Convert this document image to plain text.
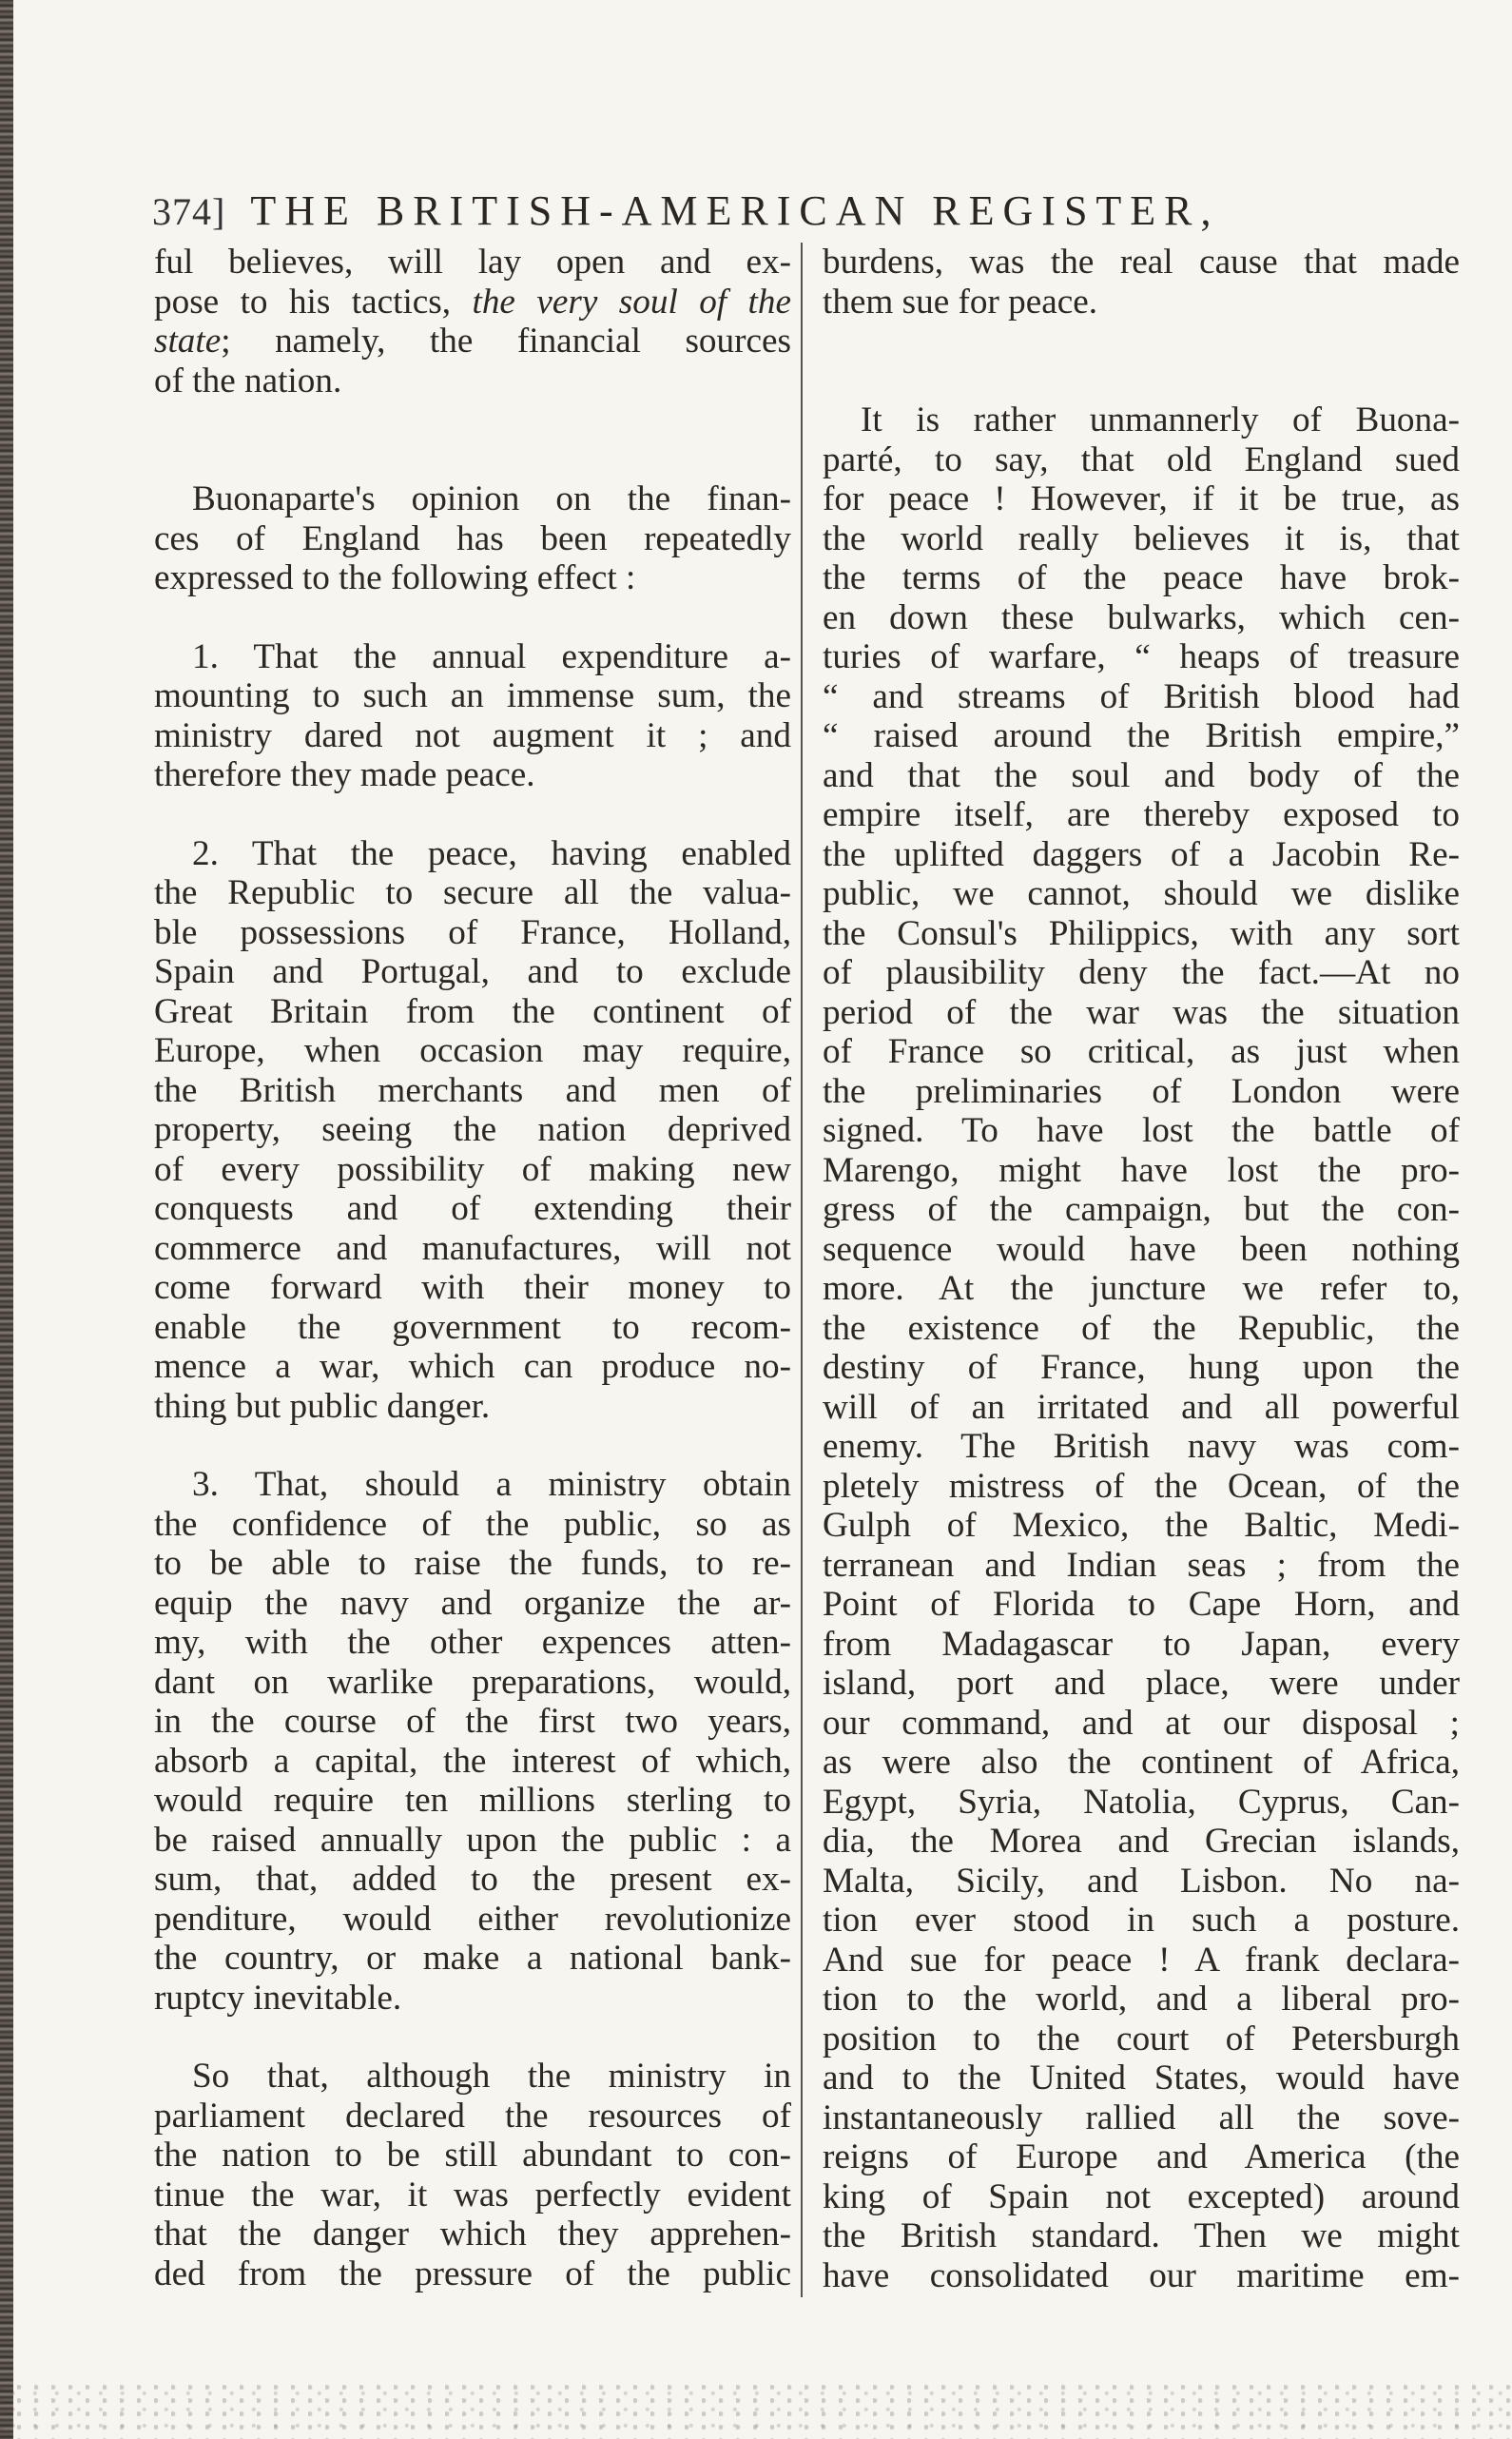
374] THE BRITISH-AMERICAN REGISTER,
ful believes, will lay open and ex-
pose to his tactics, the very soul of the
state; namely, the financial sources
of the nation.
Buonaparte's opinion on the finan-
ces of England has been repeatedly
expressed to the following effect :
1. That the annual expenditure a-
mounting to such an immense sum, the
ministry dared not augment it ; and
therefore they made peace.
2. That the peace, having enabled
the Republic to secure all the valua-
ble possessions of France, Holland,
Spain and Portugal, and to exclude
Great Britain from the continent of
Europe, when occasion may require,
the British merchants and men of
property, seeing the nation deprived
of every possibility of making new
conquests and of extending their
commerce and manufactures, will not
come forward with their money to
enable the government to recom-
mence a war, which can produce no-
thing but public danger.
3. That, should a ministry obtain
the confidence of the public, so as
to be able to raise the funds, to re-
equip the navy and organize the ar-
my, with the other expences atten-
dant on warlike preparations, would,
in the course of the first two years,
absorb a capital, the interest of which,
would require ten millions sterling to
be raised annually upon the public : a
sum, that, added to the present ex-
penditure, would either revolutionize
the country, or make a national bank-
ruptcy inevitable.
So that, although the ministry in
parliament declared the resources of
the nation to be still abundant to con-
tinue the war, it was perfectly evident
that the danger which they apprehen-
ded from the pressure of the public
burdens, was the real cause that made
them sue for peace.
It is rather unmannerly of Buona-
parté, to say, that old England sued
for peace ! However, if it be true, as
the world really believes it is, that
the terms of the peace have brok-
en down these bulwarks, which cen-
turies of warfare, “ heaps of treasure
“ and streams of British blood had
“ raised around the British empire,”
and that the soul and body of the
empire itself, are thereby exposed to
the uplifted daggers of a Jacobin Re-
public, we cannot, should we dislike
the Consul's Philippics, with any sort
of plausibility deny the fact.—At no
period of the war was the situation
of France so critical, as just when
the preliminaries of London were
signed. To have lost the battle of
Marengo, might have lost the pro-
gress of the campaign, but the con-
sequence would have been nothing
more. At the juncture we refer to,
the existence of the Republic, the
destiny of France, hung upon the
will of an irritated and all powerful
enemy. The British navy was com-
pletely mistress of the Ocean, of the
Gulph of Mexico, the Baltic, Medi-
terranean and Indian seas ; from the
Point of Florida to Cape Horn, and
from Madagascar to Japan, every
island, port and place, were under
our command, and at our disposal ;
as were also the continent of Africa,
Egypt, Syria, Natolia, Cyprus, Can-
dia, the Morea and Grecian islands,
Malta, Sicily, and Lisbon. No na-
tion ever stood in such a posture.
And sue for peace ! A frank declara-
tion to the world, and a liberal pro-
position to the court of Petersburgh
and to the United States, would have
instantaneously rallied all the sove-
reigns of Europe and America (the
king of Spain not excepted) around
the British standard. Then we might
have consolidated our maritime em-
